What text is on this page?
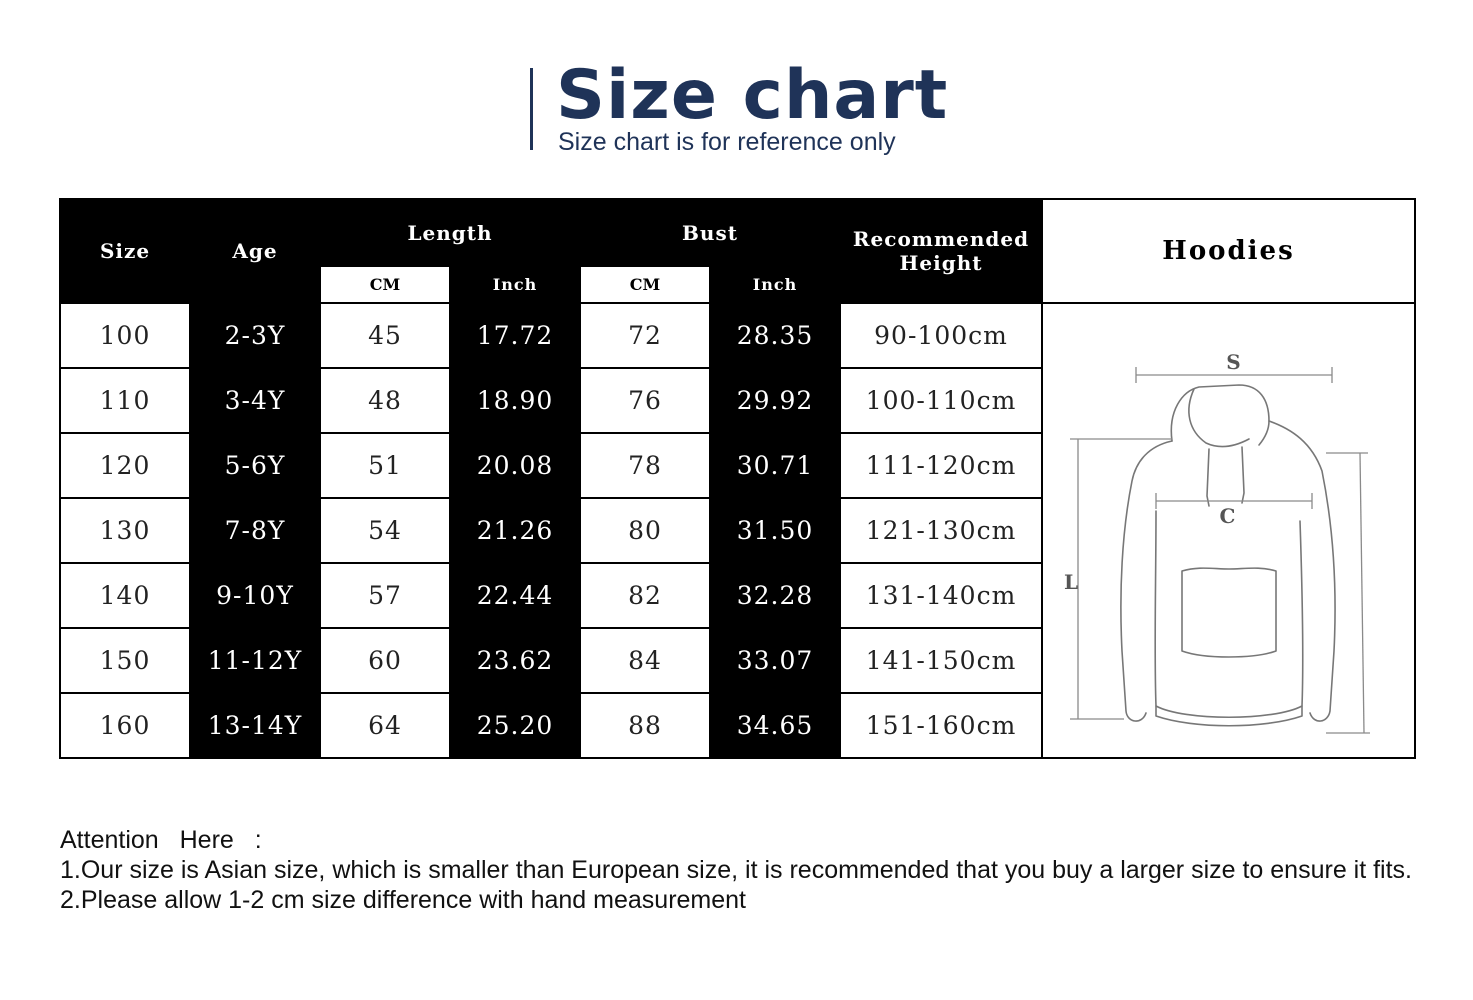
Size chart
Size chart is for reference only
Size	Age	Length		Bust		Recommended Height	Hoodies
		CM	Inch	CM	Inch		
100	2-3Y	45	17.72	72	28.35	90-100cm	S
C
L

110	3-4Y	48	18.90	76	29.92	100-110cm	
120	5-6Y	51	20.08	78	30.71	111-120cm	
130	7-8Y	54	21.26	80	31.50	121-130cm	
140	9-10Y	57	22.44	82	32.28	131-140cm	
150	11-12Y	60	23.62	84	33.07	141-150cm	
160	13-14Y	64	25.20	88	34.65	151-160cm	
Attention Here :
1.Our size is Asian size, which is smaller than European size, it is recommended that you buy a larger size to ensure it fits.
2.Please allow 1-2 cm size difference with hand measurement
